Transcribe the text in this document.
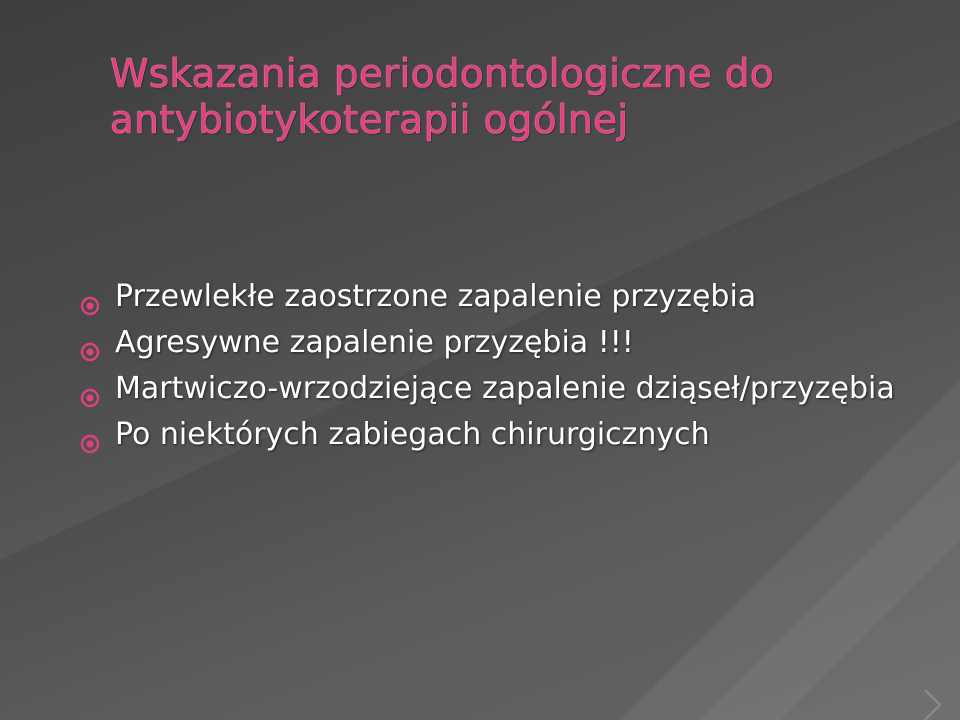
Wskazania periodontologiczne do antybiotykoterapii ogólnej
Przewlekłe zaostrzone zapalenie przyzębia
Agresywne zapalenie przyzębia !!!
Martwiczo-wrzodziejące zapalenie dziąseł/przyzębia
Po niektórych zabiegach chirurgicznych
